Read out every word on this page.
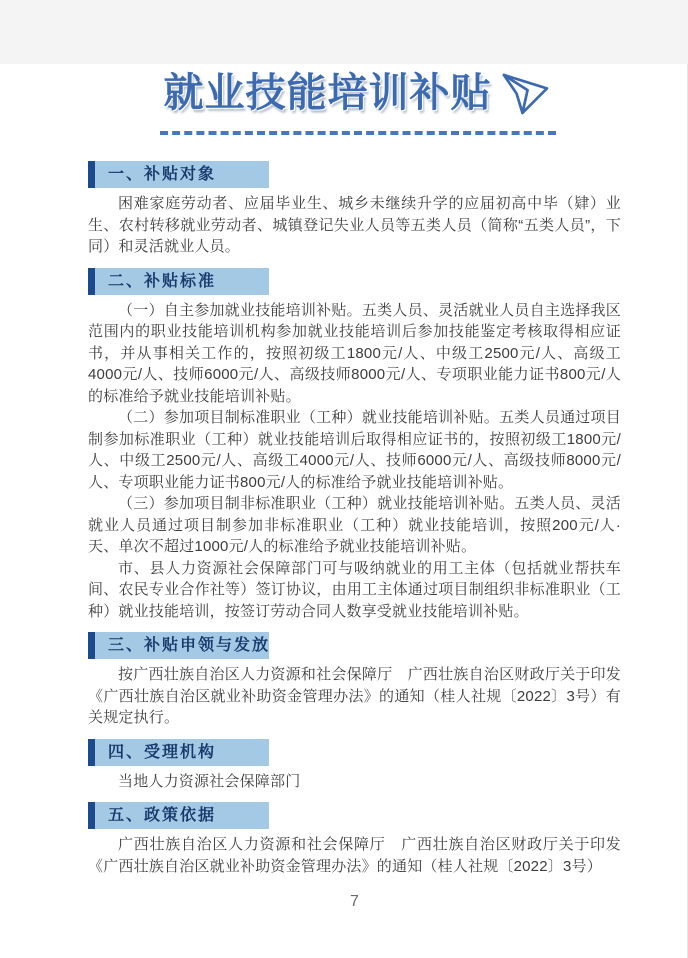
就业技能培训补贴
一、补贴对象

困难家庭劳动者、应届毕业生、城乡未继续升学的应届初高中毕（肄）业生、农村转移就业劳动者、城镇登记失业人员等五类人员（简称“五类人员”，下同）和灵活就业人员。

二、补贴标准

（一）自主参加就业技能培训补贴。五类人员、灵活就业人员自主选择我区范围内的职业技能培训机构参加就业技能培训后参加技能鉴定考核取得相应证书，并从事相关工作的，按照初级工1800元/人、中级工2500元/人、高级工4000元/人、技师6000元/人、高级技师8000元/人、专项职业能力证书800元/人的标准给予就业技能培训补贴。

（二）参加项目制标准职业（工种）就业技能培训补贴。五类人员通过项目制参加标准职业（工种）就业技能培训后取得相应证书的，按照初级工1800元/人、中级工2500元/人、高级工4000元/人、技师6000元/人、高级技师8000元/人、专项职业能力证书800元/人的标准给予就业技能培训补贴。

（三）参加项目制非标准职业（工种）就业技能培训补贴。五类人员、灵活就业人员通过项目制参加非标准职业（工种）就业技能培训，按照200元/人·天、单次不超过1000元/人的标准给予就业技能培训补贴。

市、县人力资源社会保障部门可与吸纳就业的用工主体（包括就业帮扶车间、农民专业合作社等）签订协议，由用工主体通过项目制组织非标准职业（工种）就业技能培训，按签订劳动合同人数享受就业技能培训补贴。

三、补贴申领与发放

按广西壮族自治区人力资源和社会保障厅　广西壮族自治区财政厅关于印发《广西壮族自治区就业补助资金管理办法》的通知（桂人社规〔2022〕3号）有关规定执行。

四、受理机构

当地人力资源社会保障部门

五、政策依据

广西壮族自治区人力资源和社会保障厅　广西壮族自治区财政厅关于印发《广西壮族自治区就业补助资金管理办法》的通知（桂人社规〔2022〕3号）

7
